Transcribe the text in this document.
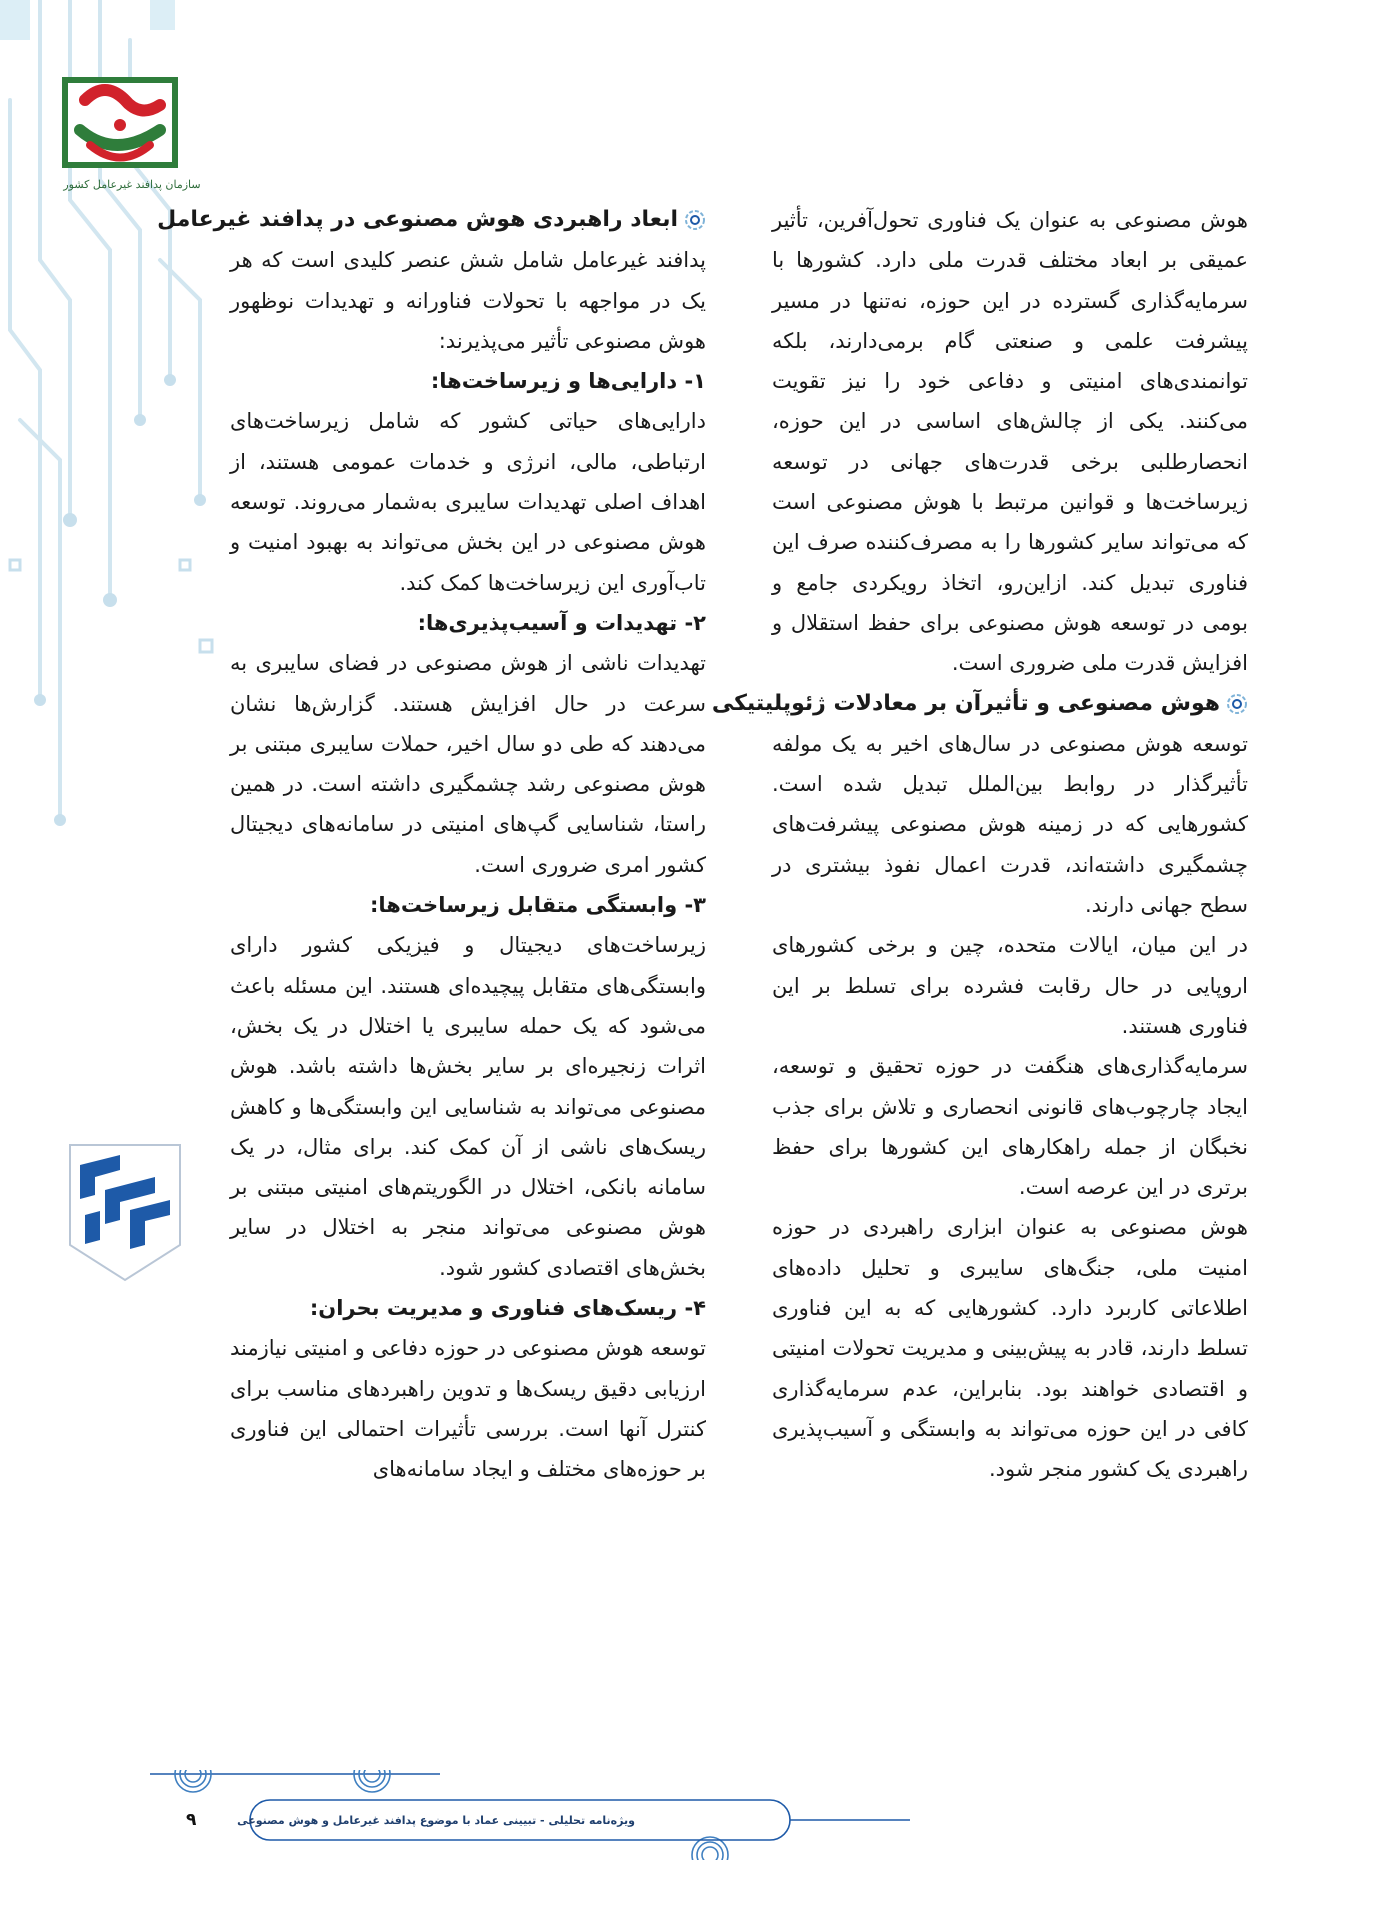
سازمان پدافند غیرعامل کشور

هوش مصنوعی به عنوان یک فناوری تحول‌آفرین، تأثیر عمیقی بر ابعاد مختلف قدرت ملی دارد. کشورها با سرمایه‌گذاری گسترده در این حوزه، نه‌تنها در مسیر پیشرفت علمی و صنعتی گام برمی‌دارند، بلکه توانمندی‌های امنیتی و دفاعی خود را نیز تقویت می‌کنند. یکی از چالش‌های اساسی در این حوزه، انحصارطلبی برخی قدرت‌های جهانی در توسعه زیرساخت‌ها و قوانین مرتبط با هوش مصنوعی است که می‌تواند سایر کشورها را به مصرف‌کننده صرف این فناوری تبدیل کند. ازاین‌رو، اتخاذ رویکردی جامع و بومی در توسعه هوش مصنوعی برای حفظ استقلال و افزایش قدرت ملی ضروری است.

هوش مصنوعی و تأثیرآن بر معادلات ژئوپلیتیکی

توسعه هوش مصنوعی در سال‌های اخیر به یک مولفه تأثیرگذار در روابط بین‌الملل تبدیل شده است. کشورهایی که در زمینه هوش مصنوعی پیشرفت‌های چشمگیری داشته‌اند، قدرت اعمال نفوذ بیشتری در سطح جهانی دارند.

در این میان، ایالات متحده، چین و برخی کشورهای اروپایی در حال رقابت فشرده برای تسلط بر این فناوری هستند.

سرمایه‌گذاری‌های هنگفت در حوزه تحقیق و توسعه، ایجاد چارچوب‌های قانونی انحصاری و تلاش برای جذب نخبگان از جمله راهکارهای این کشورها برای حفظ برتری در این عرصه است.

هوش مصنوعی به عنوان ابزاری راهبردی در حوزه امنیت ملی، جنگ‌های سایبری و تحلیل داده‌های اطلاعاتی کاربرد دارد. کشورهایی که به این فناوری تسلط دارند، قادر به پیش‌بینی و مدیریت تحولات امنیتی و اقتصادی خواهند بود. بنابراین، عدم سرمایه‌گذاری کافی در این حوزه می‌تواند به وابستگی و آسیب‌پذیری راهبردی یک کشور منجر شود.

ابعاد راهبردی هوش مصنوعی در پدافند غیرعامل

پدافند غیرعامل شامل شش عنصر کلیدی است که هر یک در مواجهه با تحولات فناورانه و تهدیدات نوظهور هوش مصنوعی تأثیر می‌پذیرند:

۱- دارایی‌ها و زیرساخت‌ها:

دارایی‌های حیاتی کشور که شامل زیرساخت‌های ارتباطی، مالی، انرژی و خدمات عمومی هستند، از اهداف اصلی تهدیدات سایبری به‌شمار می‌روند. توسعه هوش مصنوعی در این بخش می‌تواند به بهبود امنیت و تاب‌آوری این زیرساخت‌ها کمک کند.

۲- تهدیدات و آسیب‌پذیری‌ها:

تهدیدات ناشی از هوش مصنوعی در فضای سایبری به سرعت در حال افزایش هستند. گزارش‌ها نشان می‌دهند که طی دو سال اخیر، حملات سایبری مبتنی بر هوش مصنوعی رشد چشمگیری داشته است. در همین راستا، شناسایی گپ‌های امنیتی در سامانه‌های دیجیتال کشور امری ضروری است.

۳- وابستگی متقابل زیرساخت‌ها:

زیرساخت‌های دیجیتال و فیزیکی کشور دارای وابستگی‌های متقابل پیچیده‌ای هستند. این مسئله باعث می‌شود که یک حمله سایبری یا اختلال در یک بخش، اثرات زنجیره‌ای بر سایر بخش‌ها داشته باشد. هوش مصنوعی می‌تواند به شناسایی این وابستگی‌ها و کاهش ریسک‌های ناشی از آن کمک کند. برای مثال، در یک سامانه بانکی، اختلال در الگوریتم‌های امنیتی مبتنی بر هوش مصنوعی می‌تواند منجر به اختلال در سایر بخش‌های اقتصادی کشور شود.

۴- ریسک‌های فناوری و مدیریت بحران:

توسعه هوش مصنوعی در حوزه دفاعی و امنیتی نیازمند ارزیابی دقیق ریسک‌ها و تدوین راهبردهای مناسب برای کنترل آنها است. بررسی تأثیرات احتمالی این فناوری بر حوزه‌های مختلف و ایجاد سامانه‌های

ویژه‌نامه تحلیلی - تبیینی عماد با موضوع پدافند غیرعامل و هوش مصنوعی
۹
